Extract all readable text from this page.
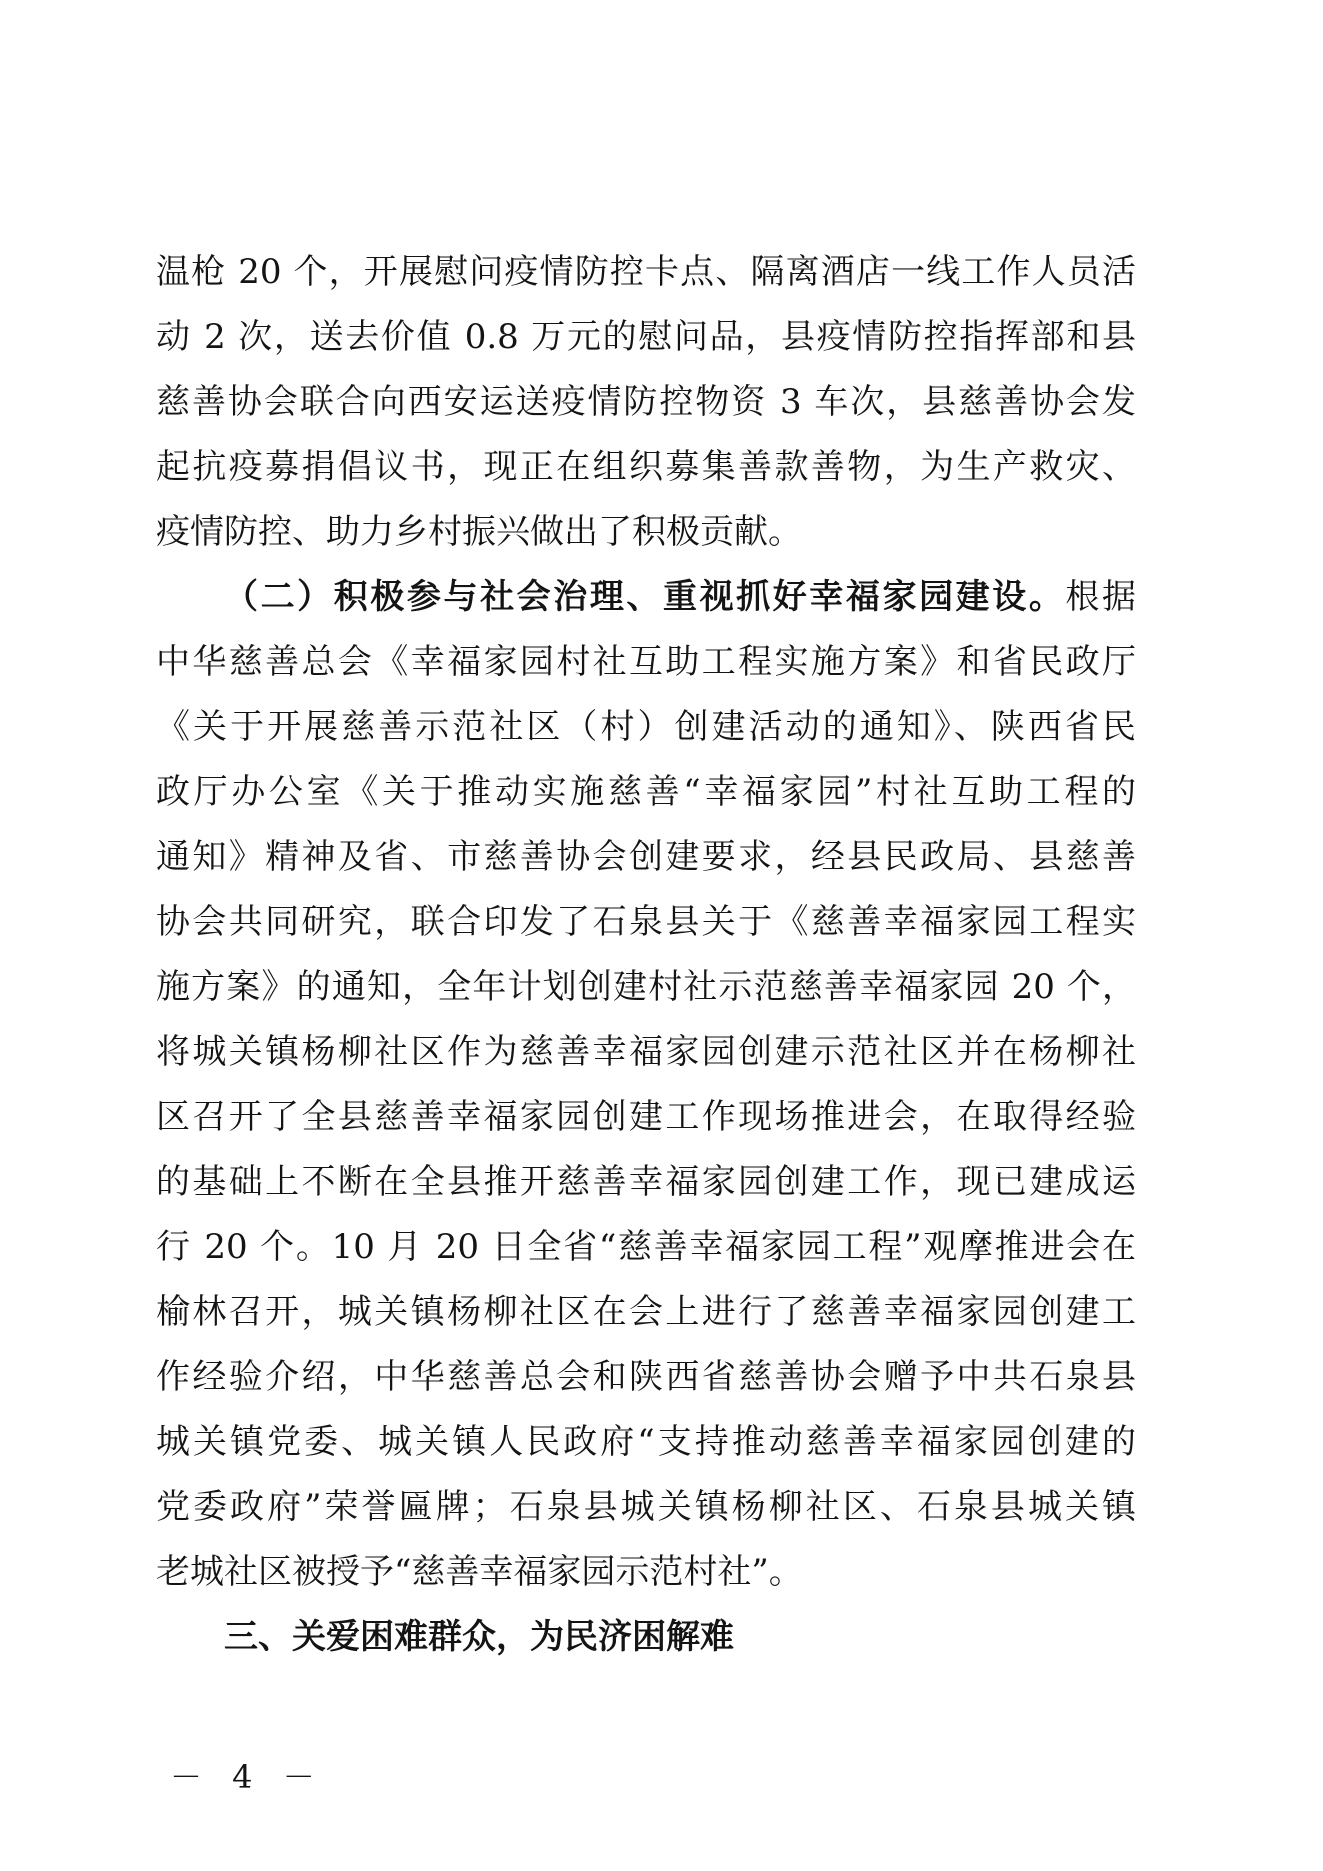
温枪 20 个，开展慰问疫情防控卡点、隔离酒店一线工作人员活
动 2 次，送去价值 0.8 万元的慰问品，县疫情防控指挥部和县
慈善协会联合向西安运送疫情防控物资 3 车次，县慈善协会发
起抗疫募捐倡议书，现正在组织募集善款善物，为生产救灾、
疫情防控、助力乡村振兴做出了积极贡献。
（二）积极参与社会治理、重视抓好幸福家园建设。根据
中华慈善总会《幸福家园村社互助工程实施方案》和省民政厅
《关于开展慈善示范社区（村）创建活动的通知》、陕西省民
政厅办公室《关于推动实施慈善“幸福家园”村社互助工程的
通知》精神及省、市慈善协会创建要求，经县民政局、县慈善
协会共同研究，联合印发了石泉县关于《慈善幸福家园工程实
施方案》的通知，全年计划创建村社示范慈善幸福家园 20 个，
将城关镇杨柳社区作为慈善幸福家园创建示范社区并在杨柳社
区召开了全县慈善幸福家园创建工作现场推进会，在取得经验
的基础上不断在全县推开慈善幸福家园创建工作，现已建成运
行 20 个。10 月 20 日全省“慈善幸福家园工程”观摩推进会在
榆林召开，城关镇杨柳社区在会上进行了慈善幸福家园创建工
作经验介绍，中华慈善总会和陕西省慈善协会赠予中共石泉县
城关镇党委、城关镇人民政府“支持推动慈善幸福家园创建的
党委政府”荣誉匾牌；石泉县城关镇杨柳社区、石泉县城关镇
老城社区被授予“慈善幸福家园示范村社”。
三、关爱困难群众，为民济困解难
－ 4 －
